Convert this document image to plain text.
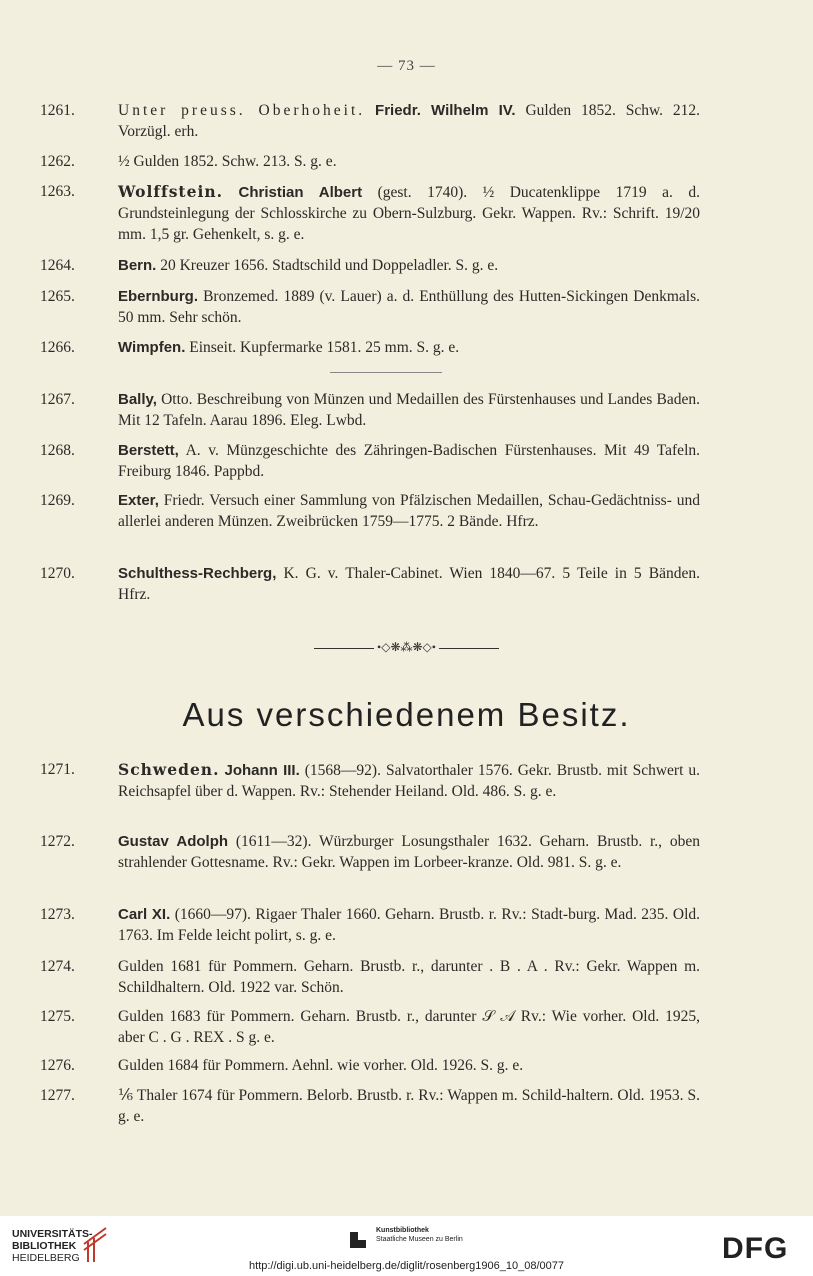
— 73 —
1261.	Unter preuss. Oberhoheit. Friedr. Wilhelm IV. Gulden 1852. Schw. 212. Vorzügl. erh.
1262.	½ Gulden 1852. Schw. 213. S. g. e.
1263.	Wolffstein. Christian Albert (gest. 1740). ½ Ducatenklippe 1719 a. d. Grundsteinlegung der Schlosskirche zu Obern-Sulzburg. Gekr. Wappen. Rv.: Schrift. 19/20 mm. 1,5 gr. Gehenkelt, s. g. e.
1264.	Bern. 20 Kreuzer 1656. Stadtschild und Doppeladler. S. g. e.
1265.	Ebernburg. Bronzemed. 1889 (v. Lauer) a. d. Enthüllung des Hutten-Sickingen Denkmals. 50 mm. Sehr schön.
1266.	Wimpfen. Einseit. Kupfermarke 1581. 25 mm. S. g. e.
1267.	Bally, Otto. Beschreibung von Münzen und Medaillen des Fürstenhauses und Landes Baden. Mit 12 Tafeln. Aarau 1896. Eleg. Lwbd.
1268.	Berstett, A. v. Münzgeschichte des Zähringen-Badischen Fürstenhauses. Mit 49 Tafeln. Freiburg 1846. Pappbd.
1269.	Exter, Friedr. Versuch einer Sammlung von Pfälzischen Medaillen, Schau-Gedächtniss- und allerlei anderen Münzen. Zweibrücken 1759—1775. 2 Bände. Hfrz.
1270.	Schulthess-Rechberg, K. G. v. Thaler-Cabinet. Wien 1840—67. 5 Teile in 5 Bänden. Hfrz.
•◇❋⁂❋◇•
Aus verschiedenem Besitz.
1271.	Schweden. Johann III. (1568—92). Salvatorthaler 1576. Gekr. Brustb. mit Schwert u. Reichsapfel über d. Wappen. Rv.: Stehender Heiland. Old. 486. S. g. e.
1272.	Gustav Adolph (1611—32). Würzburger Losungsthaler 1632. Geharn. Brustb. r., oben strahlender Gottesname. Rv.: Gekr. Wappen im Lorbeer-kranze. Old. 981. S. g. e.
1273.	Carl XI. (1660—97). Rigaer Thaler 1660. Geharn. Brustb. r. Rv.: Stadt-burg. Mad. 235. Old. 1763. Im Felde leicht polirt, s. g. e.
1274.	Gulden 1681 für Pommern. Geharn. Brustb. r., darunter . B . A . Rv.: Gekr. Wappen m. Schildhaltern. Old. 1922 var. Schön.
1275.	Gulden 1683 für Pommern. Geharn. Brustb. r., darunter 𝒮 𝒜 Rv.: Wie vorher. Old. 1925, aber C . G . REX . S g. e.
1276.	Gulden 1684 für Pommern. Aehnl. wie vorher. Old. 1926. S. g. e.
1277.	⅙ Thaler 1674 für Pommern. Belorb. Brustb. r. Rv.: Wappen m. Schild-haltern. Old. 1953. S. g. e.
UNIVERSITÄTS-
BIBLIOTHEK
HEIDELBERG
Kunstbibliothek
Staatliche Museen zu Berlin	DFG
http://digi.ub.uni-heidelberg.de/diglit/rosenberg1906_10_08/0077
